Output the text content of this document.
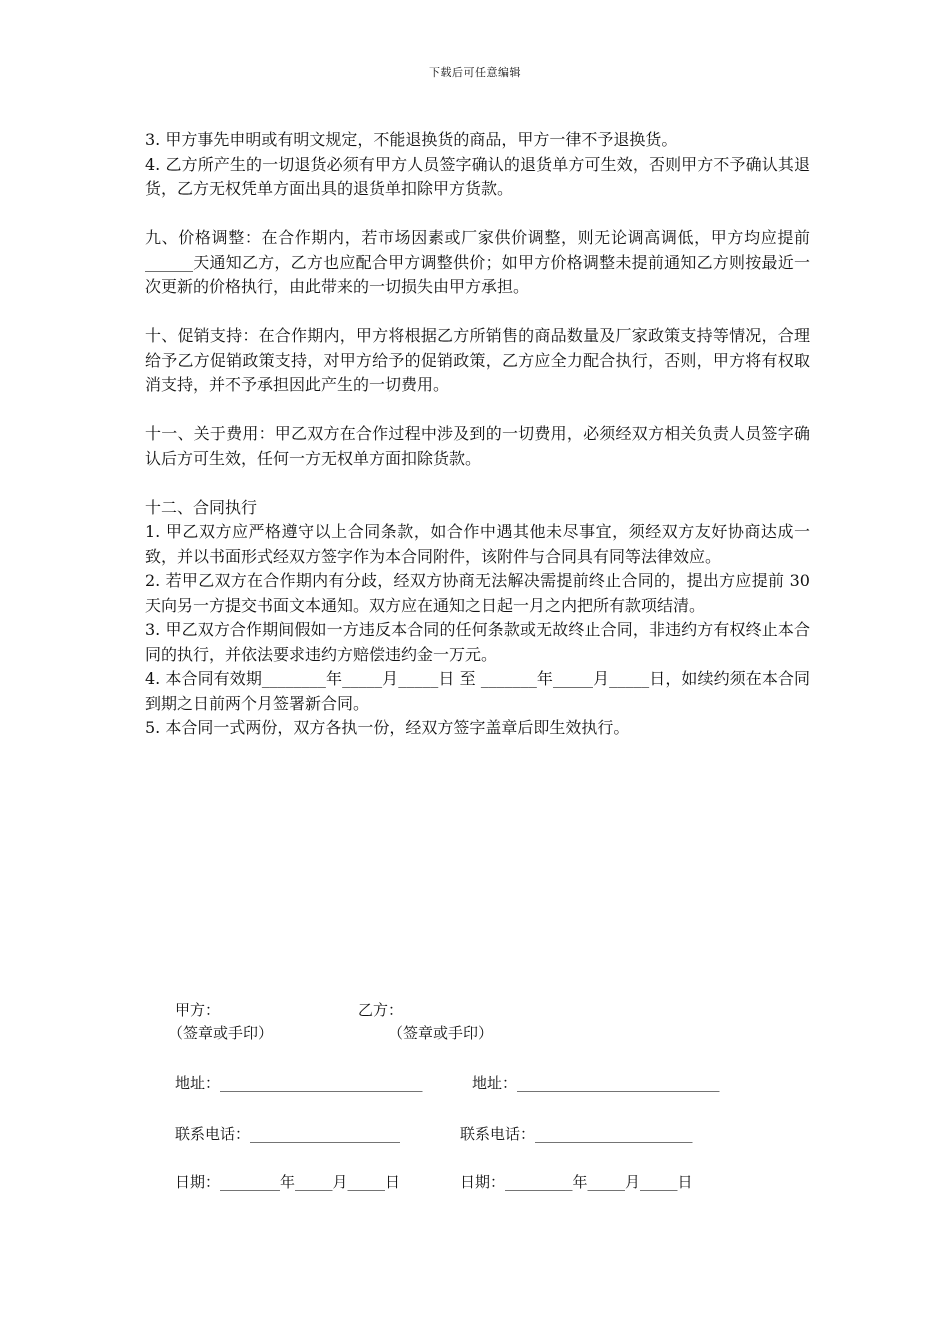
下载后可任意编辑

3. 甲方事先申明或有明文规定，不能退换货的商品，甲方一律不予退换货。

4. 乙方所产生的一切退货必须有甲方人员签字确认的退货单方可生效，否则甲方不予确认其退货，乙方无权凭单方面出具的退货单扣除甲方货款。

九、价格调整：在合作期内，若市场因素或厂家供价调整，则无论调高调低，甲方均应提前______天通知乙方，乙方也应配合甲方调整供价；如甲方价格调整未提前通知乙方则按最近一次更新的价格执行，由此带来的一切损失由甲方承担。

十、促销支持：在合作期内，甲方将根据乙方所销售的商品数量及厂家政策支持等情况，合理给予乙方促销政策支持，对甲方给予的促销政策，乙方应全力配合执行，否则，甲方将有权取消支持，并不予承担因此产生的一切费用。

十一、关于费用：甲乙双方在合作过程中涉及到的一切费用，必须经双方相关负责人员签字确认后方可生效，任何一方无权单方面扣除货款。

十二、合同执行

1. 甲乙双方应严格遵守以上合同条款，如合作中遇其他未尽事宜，须经双方友好协商达成一致，并以书面形式经双方签字作为本合同附件，该附件与合同具有同等法律效应。

2. 若甲乙双方在合作期内有分歧，经双方协商无法解决需提前终止合同的，提出方应提前 30 天向另一方提交书面文本通知。双方应在通知之日起一月之内把所有款项结清。

3. 甲乙双方合作期间假如一方违反本合同的任何条款或无故终止合同，非违约方有权终止本合同的执行，并依法要求违约方赔偿违约金一万元。

4. 本合同有效期________年_____月_____日 至 _______年_____月_____日，如续约须在本合同到期之日前两个月签署新合同。

5. 本合同一式两份，双方各执一份，经双方签字盖章后即生效执行。

甲方：	乙方：
（签章或手印）	（签章或手印）
地址：___________________________	地址：___________________________
联系电话：____________________	联系电话：_____________________
日期：________年_____月_____日	日期：_________年_____月_____日
